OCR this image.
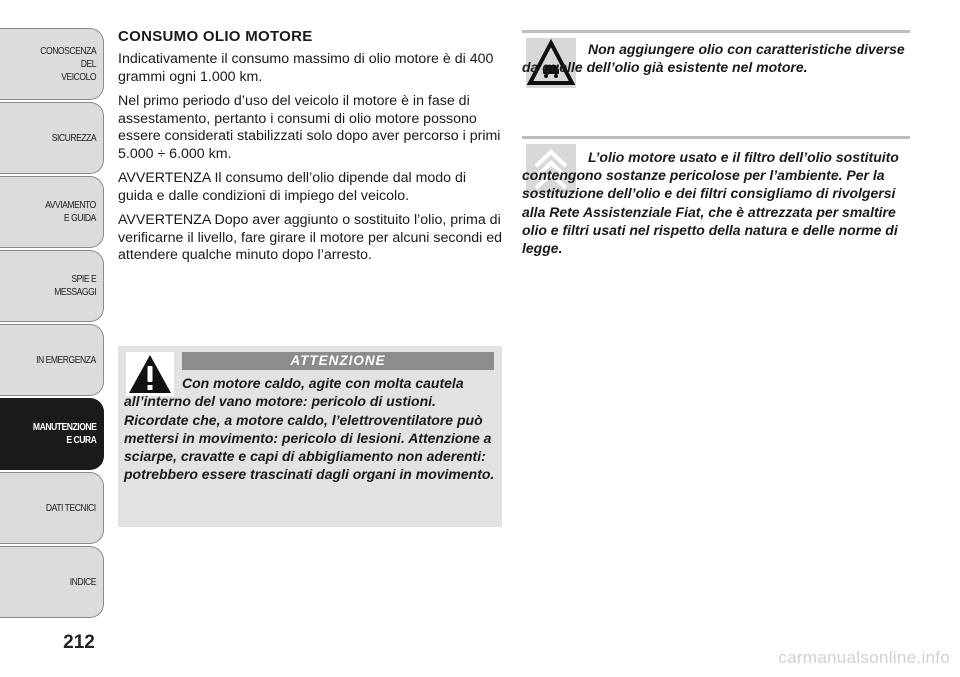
CONOSCENZA
DEL
VEICOLO
SICUREZZA
AVVIAMENTO
E GUIDA
SPIE E
MESSAGGI
IN EMERGENZA
MANUTENZIONE
E CURA
DATI TECNICI
INDICE
212
CONSUMO OLIO MOTORE

Indicativamente il consumo massimo di olio motore è di 400 grammi ogni 1.000 km.

Nel primo periodo d’uso del veicolo il motore è in fase di assestamento, pertanto i consumi di olio motore possono essere considerati stabilizzati solo dopo aver percorso i primi 5.000 ÷ 6.000 km.

AVVERTENZA Il consumo dell’olio dipende dal modo di guida e dalle condizioni di impiego del veicolo.

AVVERTENZA Dopo aver aggiunto o sostituito l’olio, prima di verificarne il livello, fare girare il motore per alcuni secondi ed attendere qualche minuto dopo l’arresto.

ATTENZIONE

Con motore caldo, agite con molta cautela all’interno del vano motore: pericolo di ustioni. Ricordate che, a motore caldo, l’elettroventilatore può mettersi in movimento: pericolo di lesioni. Attenzione a sciarpe, cravatte e capi di abbigliamento non aderenti: potrebbero essere trascinati dagli organi in movimento.

Non aggiungere olio con caratteristiche diverse da quelle dell’olio già esistente nel motore.

L’olio motore usato e il filtro dell’olio sostituito contengono sostanze pericolose per l’ambiente. Per la sostituzione dell’olio e dei filtri consigliamo di rivolgersi alla Rete Assistenziale Fiat, che è attrezzata per smaltire olio e filtri usati nel rispetto della natura e delle norme di legge.

carmanualsonline.info
